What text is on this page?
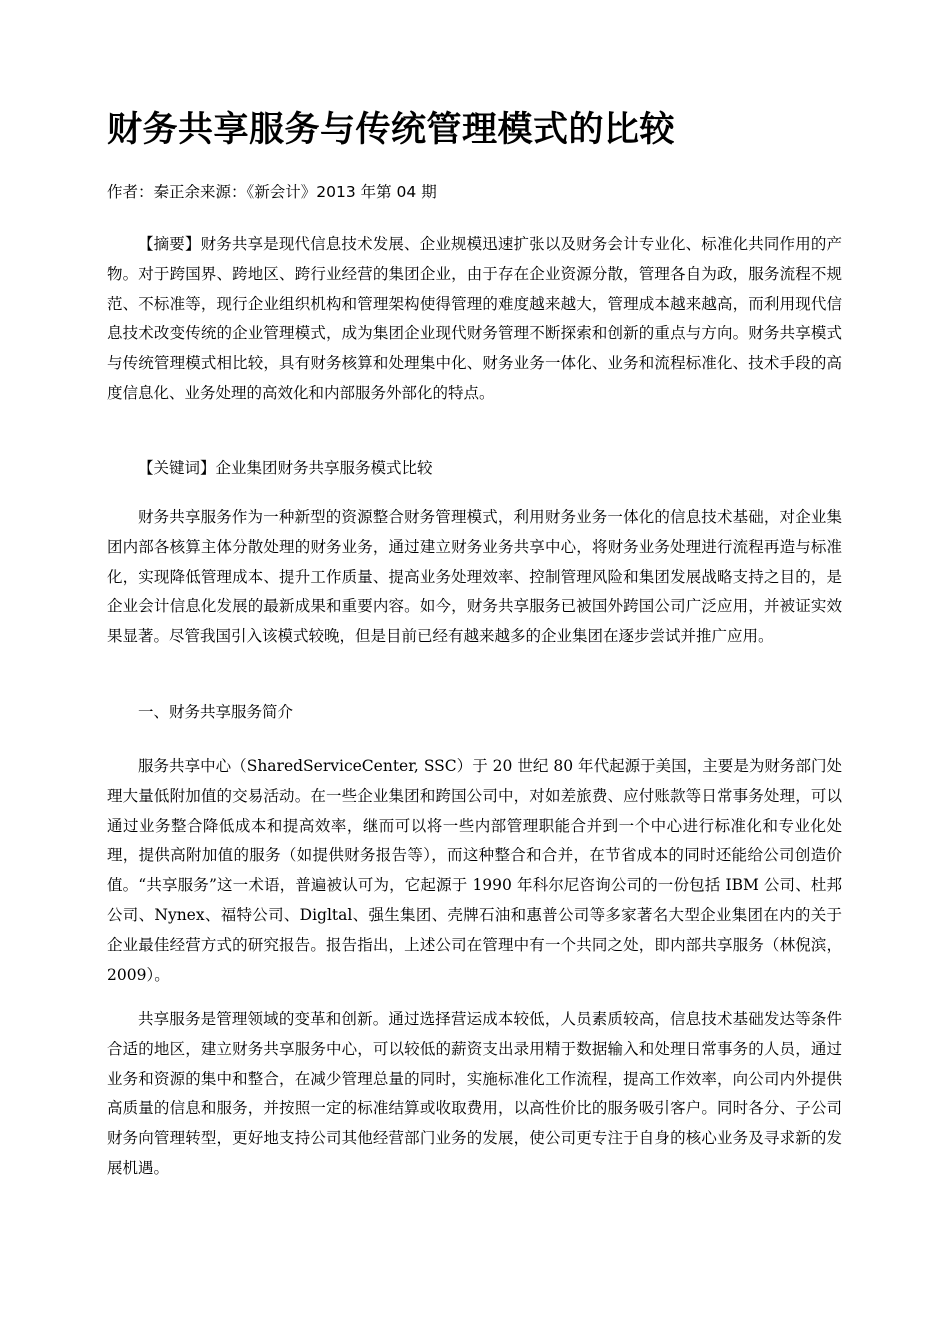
财务共享服务与传统管理模式的比较
作者：秦正余来源：《新会计》2013 年第 04 期

【摘要】财务共享是现代信息技术发展、企业规模迅速扩张以及财务会计专业化、标准化共同作用的产物。对于跨国界、跨地区、跨行业经营的集团企业，由于存在企业资源分散，管理各自为政，服务流程不规范、不标准等，现行企业组织机构和管理架构使得管理的难度越来越大，管理成本越来越高，而利用现代信息技术改变传统的企业管理模式，成为集团企业现代财务管理不断探索和创新的重点与方向。财务共享模式与传统管理模式相比较，具有财务核算和处理集中化、财务业务一体化、业务和流程标准化、技术手段的高度信息化、业务处理的高效化和内部服务外部化的特点。

【关键词】企业集团财务共享服务模式比较

财务共享服务作为一种新型的资源整合财务管理模式，利用财务业务一体化的信息技术基础，对企业集团内部各核算主体分散处理的财务业务，通过建立财务业务共享中心，将财务业务处理进行流程再造与标准化，实现降低管理成本、提升工作质量、提高业务处理效率、控制管理风险和集团发展战略支持之目的，是企业会计信息化发展的最新成果和重要内容。如今，财务共享服务已被国外跨国公司广泛应用，并被证实效果显著。尽管我国引入该模式较晚，但是目前已经有越来越多的企业集团在逐步尝试并推广应用。

一、财务共享服务简介

服务共享中心（SharedServiceCenter, SSC）于 20 世纪 80 年代起源于美国，主要是为财务部门处理大量低附加值的交易活动。在一些企业集团和跨国公司中，对如差旅费、应付账款等日常事务处理，可以通过业务整合降低成本和提高效率，继而可以将一些内部管理职能合并到一个中心进行标准化和专业化处理，提供高附加值的服务（如提供财务报告等），而这种整合和合并，在节省成本的同时还能给公司创造价值。“共享服务”这一术语，普遍被认可为，它起源于 1990 年科尔尼咨询公司的一份包括 IBM 公司、杜邦公司、Nynex、福特公司、Digltal、强生集团、壳牌石油和惠普公司等多家著名大型企业集团在内的关于企业最佳经营方式的研究报告。报告指出，上述公司在管理中有一个共同之处，即内部共享服务（林倪滨，2009）。

共享服务是管理领域的变革和创新。通过选择营运成本较低，人员素质较高，信息技术基础发达等条件合适的地区，建立财务共享服务中心，可以较低的薪资支出录用精于数据输入和处理日常事务的人员，通过业务和资源的集中和整合，在减少管理总量的同时，实施标准化工作流程，提高工作效率，向公司内外提供高质量的信息和服务，并按照一定的标准结算或收取费用，以高性价比的服务吸引客户。同时各分、子公司财务向管理转型，更好地支持公司其他经营部门业务的发展，使公司更专注于自身的核心业务及寻求新的发展机遇。
